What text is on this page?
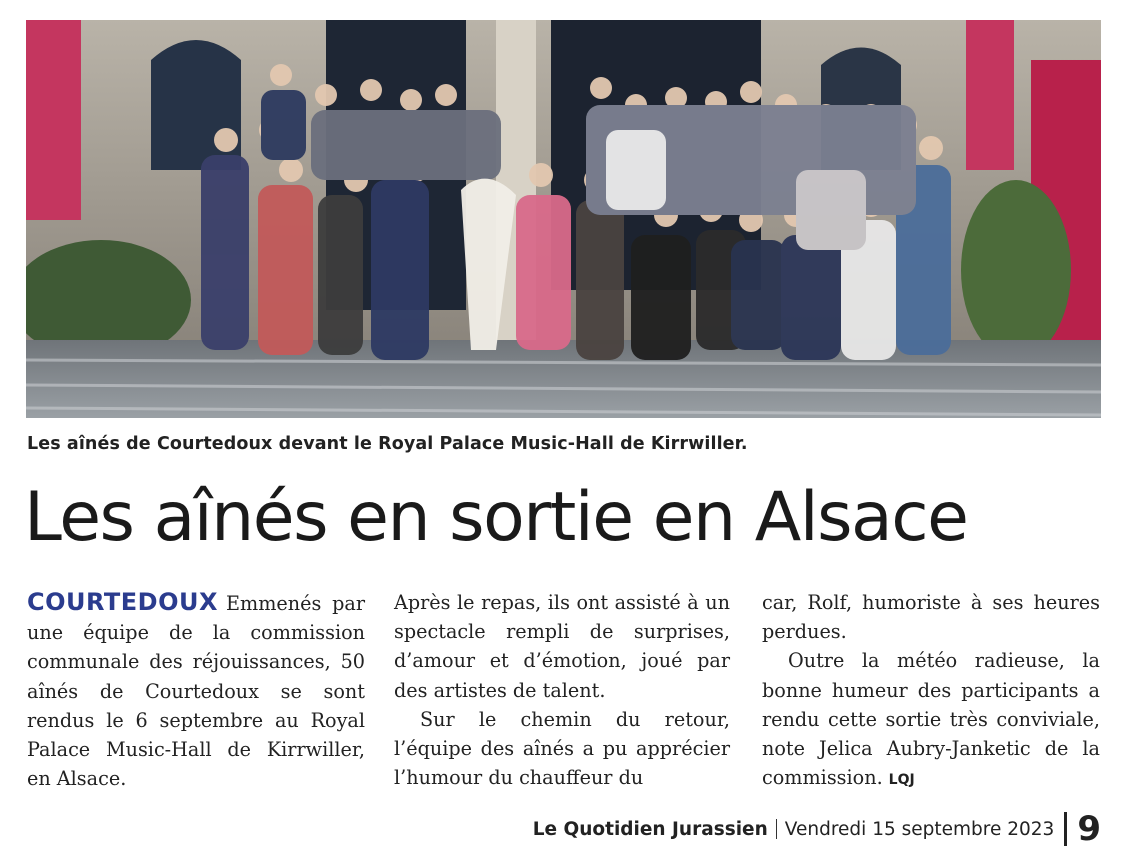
Les aînés de Courtedoux devant le Royal Palace Music-Hall de Kirrwiller.
Les aînés en sortie en Alsace

COURTEDOUX Emmenés par une équipe de la commission communale des réjouissances, 50 aînés de Courtedoux se sont rendus le 6 septembre au Royal Palace Music-Hall de Kirrwiller, en Alsace.

Après le repas, ils ont assisté à un spectacle rempli de surprises, d’amour et d’émotion, joué par des artistes de talent.

Sur le chemin du retour, l’équipe des aînés a pu apprécier l’humour du chauffeur du

car, Rolf, humoriste à ses heures perdues.

Outre la météo radieuse, la bonne humeur des participants a rendu cette sortie très conviviale, note Jelica Aubry-Janketic de la commission. LQJ

Le Quotidien Jurassien Vendredi 15 septembre 2023 9
